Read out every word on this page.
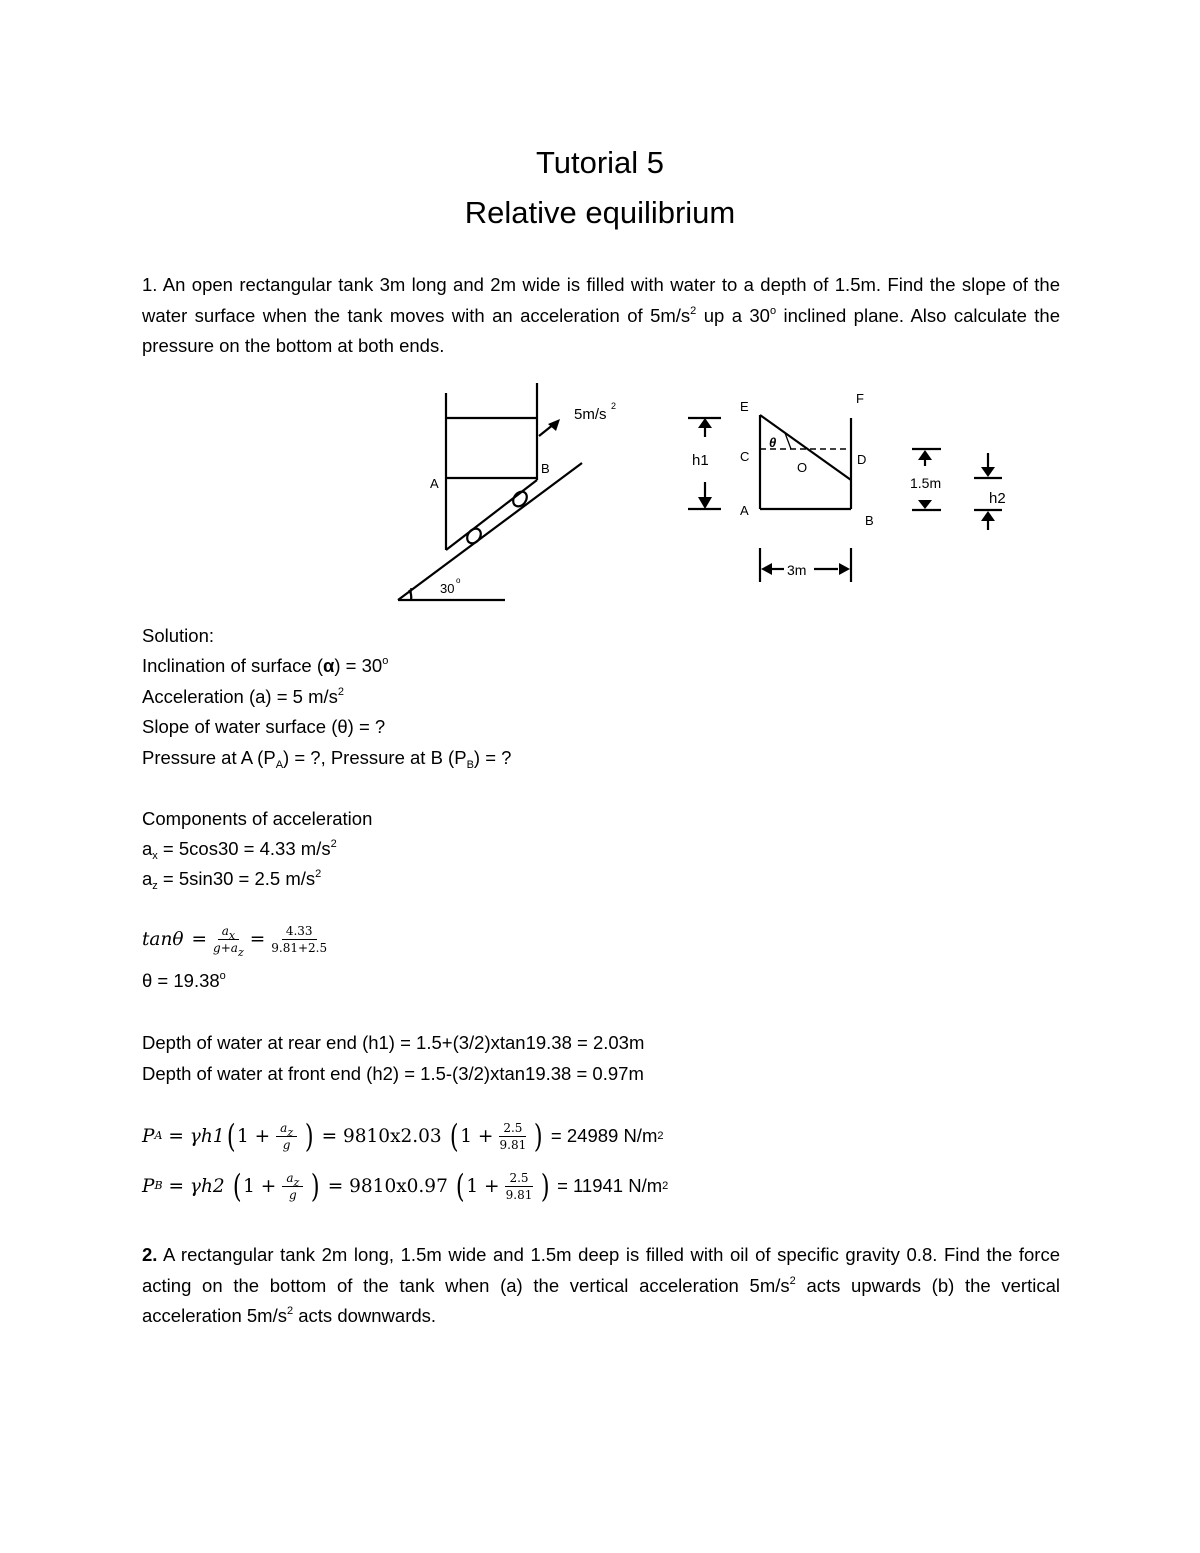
Tutorial 5
Relative equilibrium
1. An open rectangular tank 3m long and 2m wide is filled with water to a depth of 1.5m. Find the slope of the water surface when the tank moves with an acceleration of $5m/s^2$ up a 30$^o$ inclined plane. Also calculate the pressure on the bottom at both ends.
5m/s 2
A
B
30
o
E
F
C	D
O
A
B
θ
h1
1.5m
h2
3m
Solution:
Inclination of surface $(\alpha) = 30^o$
Acceleration (a) = 5 $m/s^2$
Slope of water surface (θ) = ?
Pressure at A $(P_A)$ = ?, Pressure at B $(P_B)$ = ?
Components of acceleration
$a_x = 5\cos 30 = 4.33$ $m/s^2$
$a_z = 5\sin 30 = 2.5$ $m/s^2$
$\tan\theta = \frac{a_x}{g+a_z} = \frac{4.33}{9.81+2.5}$
$\theta = 19.38^o$
Depth of water at rear end (h1) = 1.5+(3/2)xtan19.38 = 2.03m
Depth of water at front end (h2) = 1.5-(3/2)xtan19.38 = 0.97m
P A = γh1 ( $1 + \frac{a_z}{g}$ ) = 9810x2.03 ( $1 + \frac{2.5}{9.81}$ ) = 24989 N/m 2
P B = γh2 ( $1 + \frac{a_z}{g}$ ) = 9810x0.97 ( $1 + \frac{2.5}{9.81}$ ) = 11941 N/m 2
2. A rectangular tank 2m long, 1.5m wide and 1.5m deep is filled with oil of specific gravity 0.8. Find the force acting on the bottom of the tank when (a) the vertical acceleration $5m/s^2$ acts upwards (b) the vertical acceleration $5m/s^2$ acts downwards.
